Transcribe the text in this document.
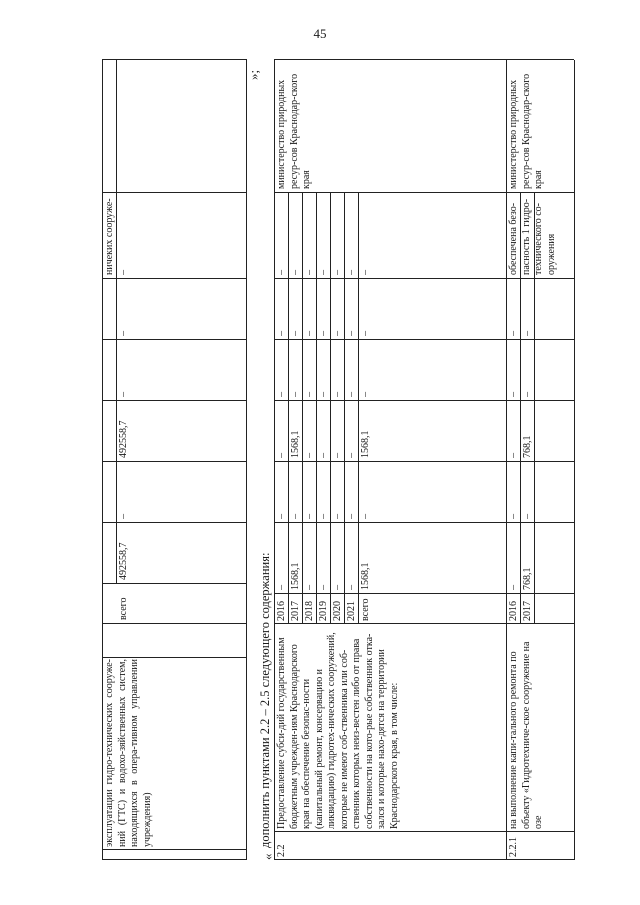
45
эксплуатации гидро-технических сооруже-ний (ГТС) и водохо-зяйственных систем, находящихся в опера-тивном управлении учреждения)
всего
492558,7
–
492558,7
–
–
ничеких сооруже-
–
»;
«
дополнить пунктами 2.2 – 2.5 следующего содержания:
2.2
Предоставление субси-дий государственным бюджетным учрежден-иям Краснодарского края на обеспечение безопас-ности (капитальный ремонт, консервацию и ликвидацию) гидротех-нических сооружений, которые не имеют соб-ственника или соб-ственник которых неиз-вестен либо от права собственности на кото-рые собственник отка-зался и которые нахо-дятся на территории Краснодарского края, в том числе:
2016
–
–
–
–
–
–
2017
1568,1
–
1568,1
–
–
–
2018
–
–
–
–
–
–
2019
–
–
–
–
–
–
2020
–
–
–
–
–
–
2021
–
–
–
–
–
–
всего
1568,1
–
1568,1
–
–
–
министерство природных ресур-сов Краснодар-ского края
2.2.1
на выполнение капи-тального ремонта по объекту «Гидротехниче-ское сооружение на озе
2016
–
–
–
–
–
2017
768,1
–
768,1
–
–
обеспечена безо-пасность 1 гидро-технического со-оружения
министерство природных ресур-сов Краснодар-ского края
